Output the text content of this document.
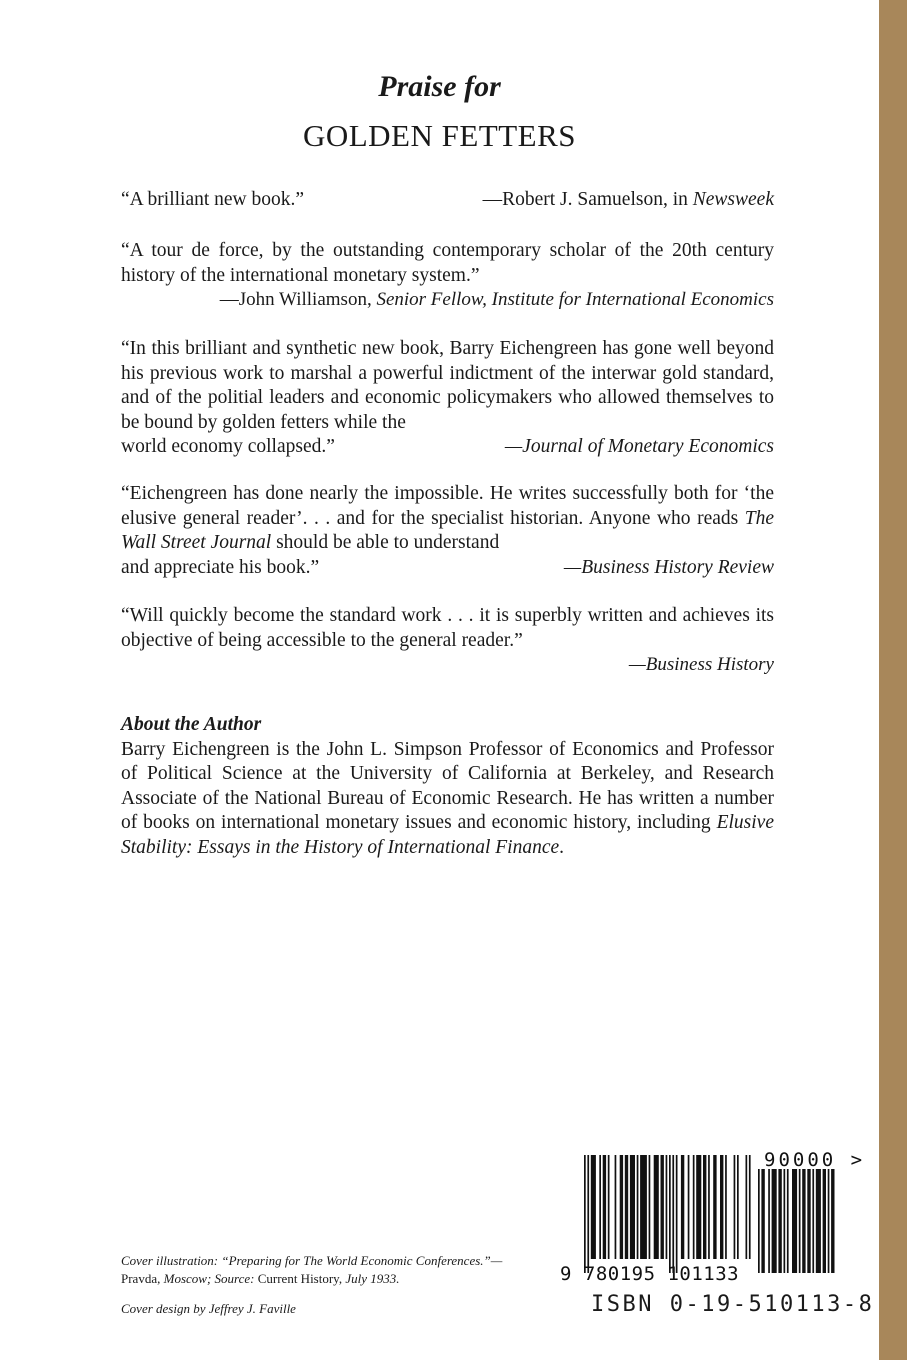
Praise for
GOLDEN FETTERS
“A brilliant new book.”	—Robert J. Samuelson, in Newsweek

“A tour de force, by the outstanding contemporary scholar of the 20th century history of the international monetary system.”

—John Williamson, Senior Fellow, Institute for International Economics

“In this brilliant and synthetic new book, Barry Eichengreen has gone well beyond his previous work to marshal a powerful indictment of the interwar gold standard, and of the politial leaders and economic policymakers who allowed themselves to be bound by golden fetters while the

world economy collapsed.”	—Journal of Monetary Economics

“Eichengreen has done nearly the impossible. He writes successfully both for ‘the elusive general reader’. . . and for the specialist historian. Anyone who reads The Wall Street Journal should be able to understand

and appreciate his book.”	—Business History Review

“Will quickly become the standard work . . . it is superbly written and achieves its objective of being accessible to the general reader.”

—Business History
About the Author

Barry Eichengreen is the John L. Simpson Professor of Economics and Professor of Political Science at the University of California at Berkeley, and Research Associate of the National Bureau of Economic Research. He has written a number of books on international monetary issues and economic history, including Elusive Stability: Essays in the History of International Finance.

Cover illustration: “Preparing for The World Economic Conferences.”—
Pravda, Moscow; Source: Current History, July 1933.
Cover design by Jeffrey J. Faville
9 780195 101133
90000 >
ISBN 0-19-510113-8
